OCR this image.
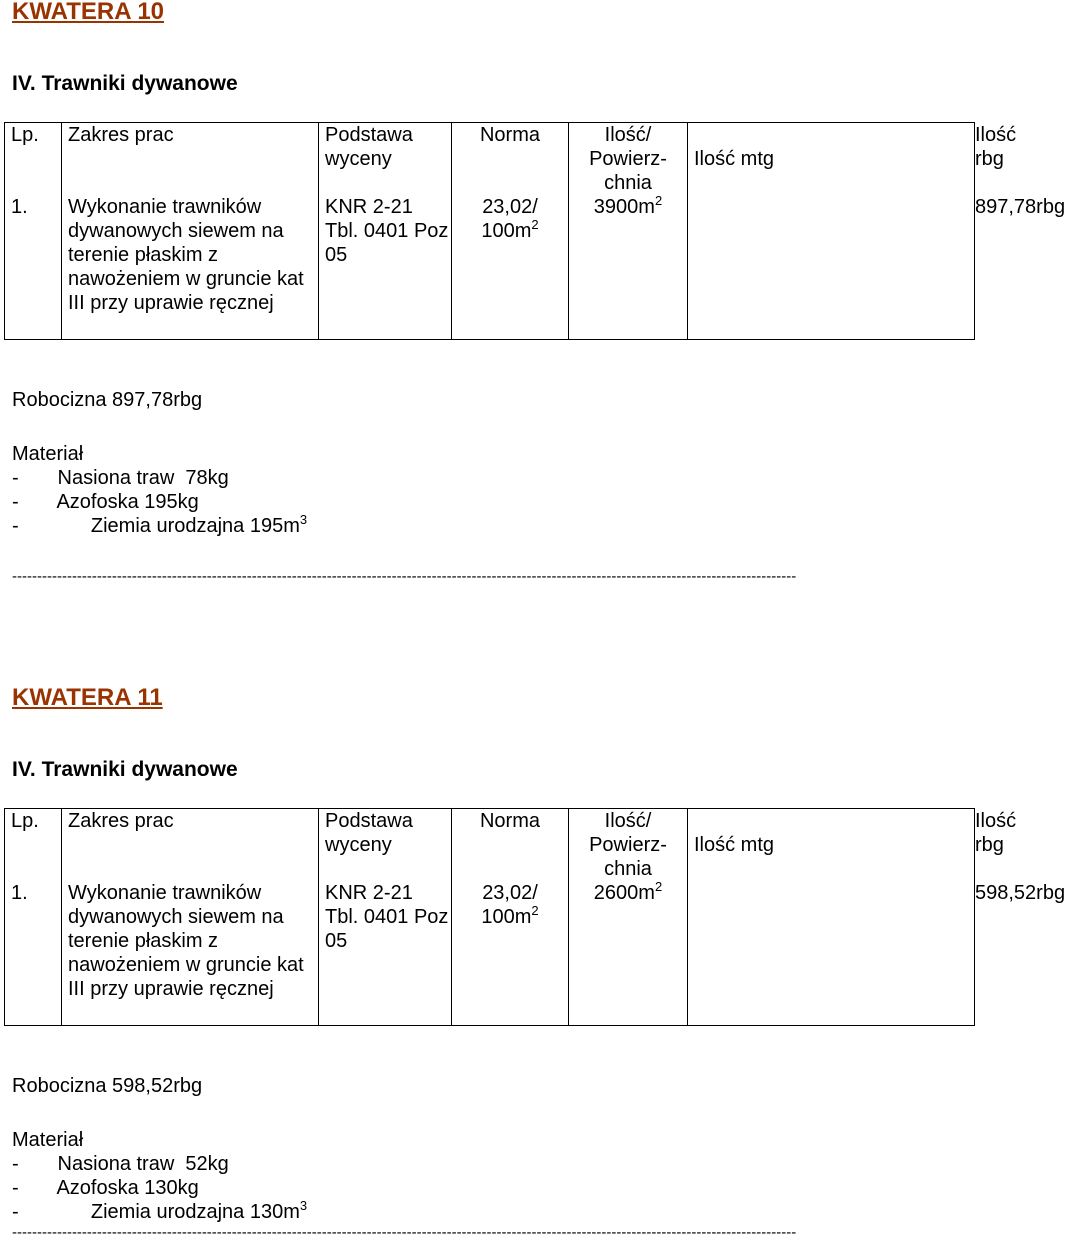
KWATERA 10
IV. Trawniki dywanowe
Lp.	Zakres prac	Podstawa wyceny	Norma	Ilość/ Powierz-chnia	Ilość mtg	Ilość rbg
1.	Wykonanie trawników dywanowych siewem na terenie płaskim z nawożeniem w gruncie kat III przy uprawie ręcznej	KNR 2-21 Tbl. 0401 Poz 05	23,02/ $100m^2$	$3900m^2$		897,78rbg

Robocizna 897,78rbg

Materiał

-       Nasiona traw  78kg
-       Azofoska 195kg
-             Ziemia urodzajna $195m^3$
-------------------------------------------------------------------------------------------------------------------------------------------------------------
KWATERA 11
IV. Trawniki dywanowe
Lp.	Zakres prac	Podstawa wyceny	Norma	Ilość/ Powierz-chnia	Ilość mtg	Ilość rbg
1.	Wykonanie trawników dywanowych siewem na terenie płaskim z nawożeniem w gruncie kat III przy uprawie ręcznej	KNR 2-21 Tbl. 0401 Poz 05	23,02/ $100m^2$	$2600m^2$		598,52rbg

Robocizna 598,52rbg

Materiał

-       Nasiona traw  52kg
-       Azofoska 130kg
-             Ziemia urodzajna $130m^3$
-------------------------------------------------------------------------------------------------------------------------------------------------------------
